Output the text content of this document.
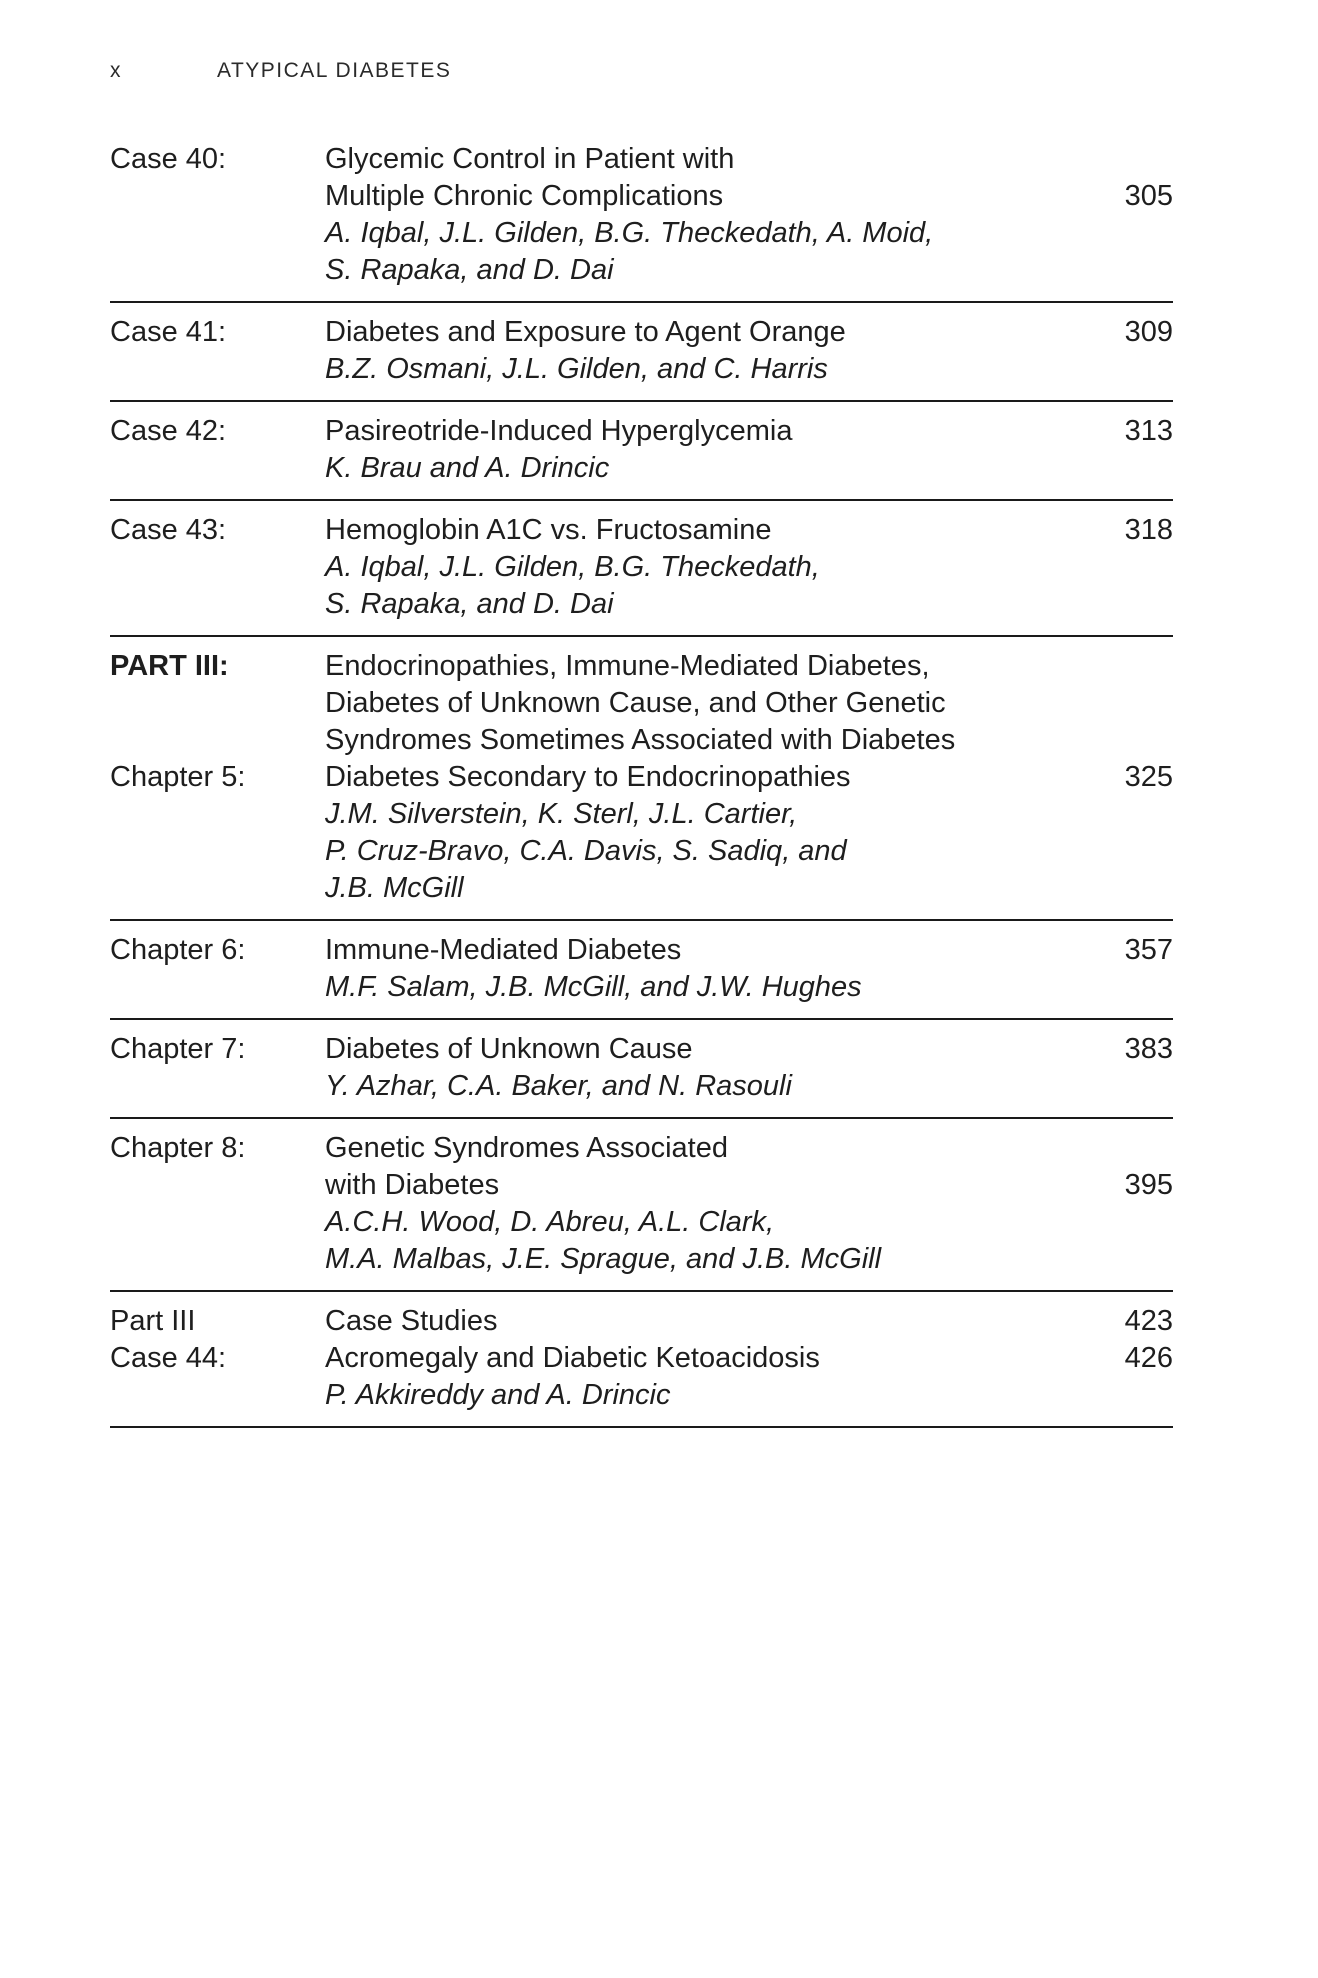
x	ATYPICAL DIABETES
Case 40:	Glycemic Control in Patient with
Multiple Chronic Complications	305
A. Iqbal, J.L. Gilden, B.G. Theckedath, A. Moid,
S. Rapaka, and D. Dai
Case 41:	Diabetes and Exposure to Agent Orange	309
B.Z. Osmani, J.L. Gilden, and C. Harris
Case 42:	Pasireotride-Induced Hyperglycemia	313
K. Brau and A. Drincic
Case 43:	Hemoglobin A1C vs. Fructosamine	318
A. Iqbal, J.L. Gilden, B.G. Theckedath,
S. Rapaka, and D. Dai
PART III:	Endocrinopathies, Immune-Mediated Diabetes,
Diabetes of Unknown Cause, and Other Genetic
Syndromes Sometimes Associated with Diabetes
Chapter 5:	Diabetes Secondary to Endocrinopathies	325
J.M. Silverstein, K. Sterl, J.L. Cartier,
P. Cruz-Bravo, C.A. Davis, S. Sadiq, and
J.B. McGill
Chapter 6:	Immune-Mediated Diabetes	357
M.F. Salam, J.B. McGill, and J.W. Hughes
Chapter 7:	Diabetes of Unknown Cause	383
Y. Azhar, C.A. Baker, and N. Rasouli
Chapter 8:	Genetic Syndromes Associated
with Diabetes	395
A.C.H. Wood, D. Abreu, A.L. Clark,
M.A. Malbas, J.E. Sprague, and J.B. McGill
Part III	Case Studies	423
Case 44:	Acromegaly and Diabetic Ketoacidosis	426
P. Akkireddy and A. Drincic
